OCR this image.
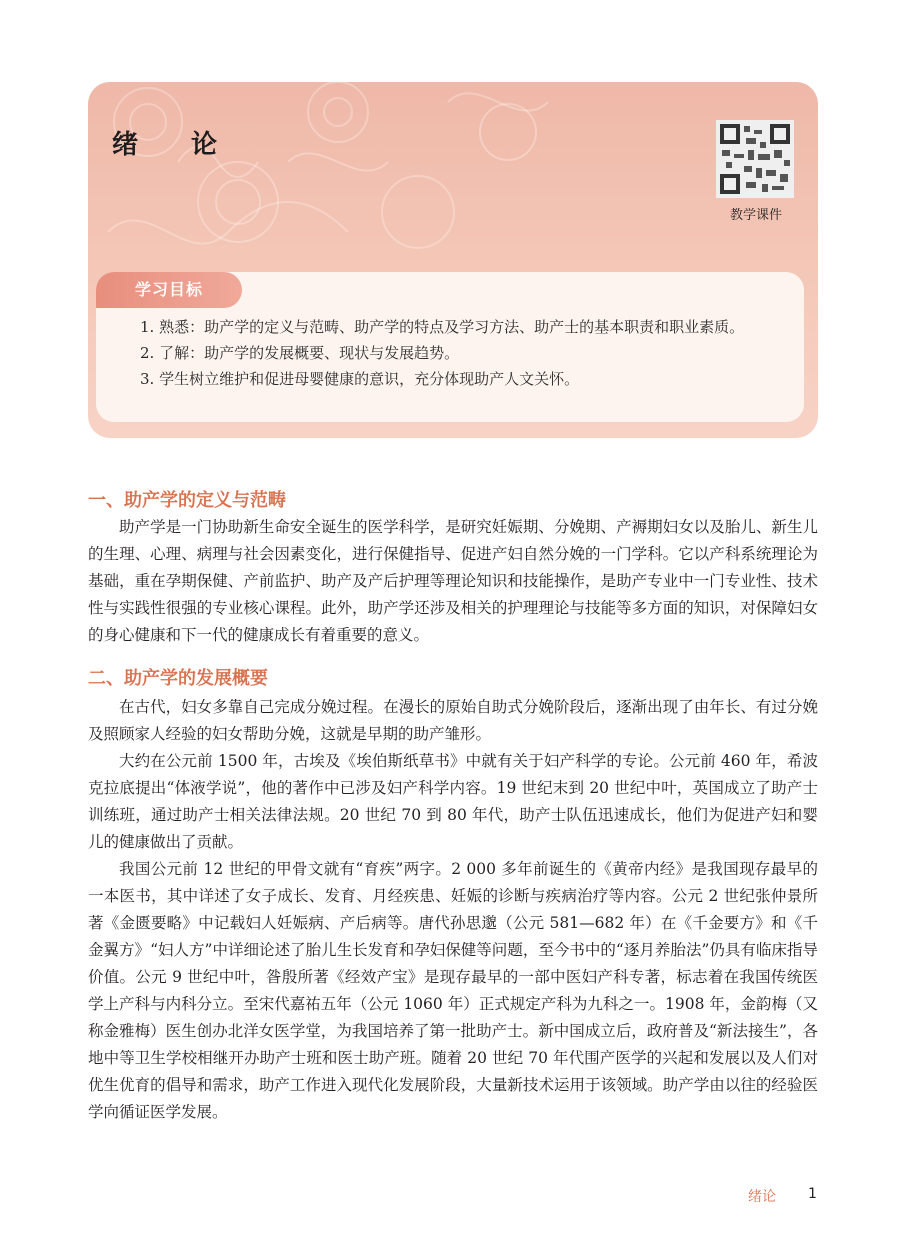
绪 论
教学课件
学习目标

1. 熟悉：助产学的定义与范畴、助产学的特点及学习方法、助产士的基本职责和职业素质。

2. 了解：助产学的发展概要、现状与发展趋势。

3. 学生树立维护和促进母婴健康的意识，充分体现助产人文关怀。

一、助产学的定义与范畴

助产学是一门协助新生命安全诞生的医学科学，是研究妊娠期、分娩期、产褥期妇女以及胎儿、新生儿的生理、心理、病理与社会因素变化，进行保健指导、促进产妇自然分娩的一门学科。它以产科系统理论为基础，重在孕期保健、产前监护、助产及产后护理等理论知识和技能操作，是助产专业中一门专业性、技术性与实践性很强的专业核心课程。此外，助产学还涉及相关的护理理论与技能等多方面的知识，对保障妇女的身心健康和下一代的健康成长有着重要的意义。

二、助产学的发展概要

在古代，妇女多靠自己完成分娩过程。在漫长的原始自助式分娩阶段后，逐渐出现了由年长、有过分娩及照顾家人经验的妇女帮助分娩，这就是早期的助产雏形。

大约在公元前 1500 年，古埃及《埃伯斯纸草书》中就有关于妇产科学的专论。公元前 460 年，希波克拉底提出“体液学说”，他的著作中已涉及妇产科学内容。19 世纪末到 20 世纪中叶，英国成立了助产士训练班，通过助产士相关法律法规。20 世纪 70 到 80 年代，助产士队伍迅速成长，他们为促进产妇和婴儿的健康做出了贡献。

我国公元前 12 世纪的甲骨文就有“育疾”两字。2 000 多年前诞生的《黄帝内经》是我国现存最早的一本医书，其中详述了女子成长、发育、月经疾患、妊娠的诊断与疾病治疗等内容。公元 2 世纪张仲景所著《金匮要略》中记载妇人妊娠病、产后病等。唐代孙思邈（公元 581—682 年）在《千金要方》和《千金翼方》“妇人方”中详细论述了胎儿生长发育和孕妇保健等问题，至今书中的“逐月养胎法”仍具有临床指导价值。公元 9 世纪中叶，昝殷所著《经效产宝》是现存最早的一部中医妇产科专著，标志着在我国传统医学上产科与内科分立。至宋代嘉祐五年（公元 1060 年）正式规定产科为九科之一。1908 年，金韵梅（又称金雅梅）医生创办北洋女医学堂，为我国培养了第一批助产士。新中国成立后，政府普及“新法接生”，各地中等卫生学校相继开办助产士班和医士助产班。随着 20 世纪 70 年代围产医学的兴起和发展以及人们对优生优育的倡导和需求，助产工作进入现代化发展阶段，大量新技术运用于该领域。助产学由以往的经验医学向循证医学发展。

绪论 1
